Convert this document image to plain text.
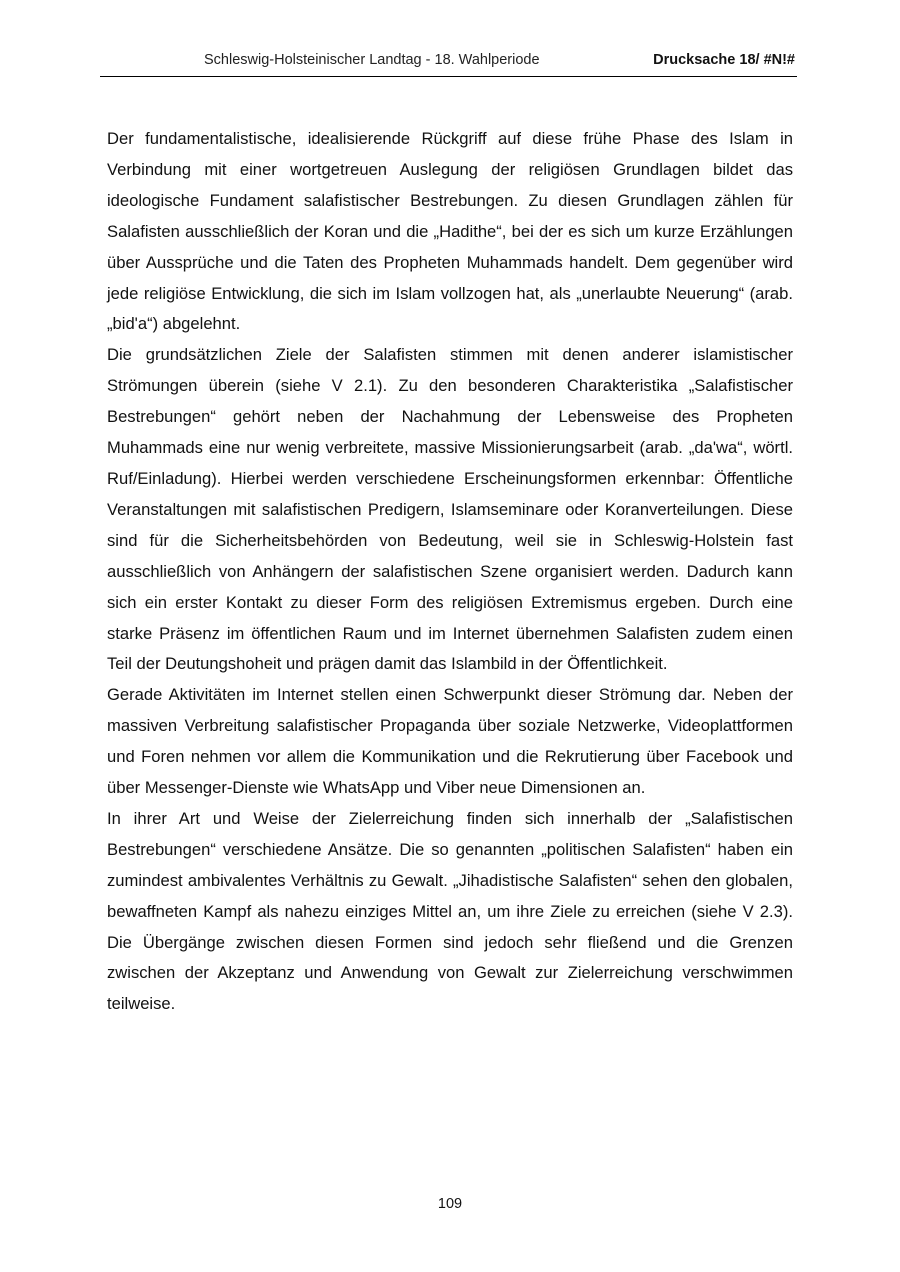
Schleswig-Holsteinischer Landtag - 18. Wahlperiode	Drucksache 18/ #N!#

Der fundamentalistische, idealisierende Rückgriff auf diese frühe Phase des Islam in Verbindung mit einer wortgetreuen Auslegung der religiösen Grundlagen bildet das ideologische Fundament salafistischer Bestrebungen. Zu diesen Grundlagen zählen für Salafisten ausschließlich der Koran und die „Hadithe“, bei der es sich um kurze Erzählungen über Aussprüche und die Taten des Propheten Muhammads handelt. Dem gegenüber wird jede religiöse Entwicklung, die sich im Islam vollzogen hat, als „unerlaubte Neuerung“ (arab. „bid'a“) abgelehnt.

Die grundsätzlichen Ziele der Salafisten stimmen mit denen anderer islamistischer Strömungen überein (siehe V 2.1). Zu den besonderen Charakteristika „Salafistischer Bestrebungen“ gehört neben der Nachahmung der Lebensweise des Propheten Muhammads eine nur wenig verbreitete, massive Missionierungsarbeit (arab. „da'wa“, wörtl. Ruf/Einladung). Hierbei werden verschiedene Erscheinungsformen erkennbar: Öffentliche Veranstaltungen mit salafistischen Predigern, Islamseminare oder Koranverteilungen. Diese sind für die Sicherheitsbehörden von Bedeutung, weil sie in Schleswig-Holstein fast ausschließlich von Anhängern der salafistischen Szene organisiert werden. Dadurch kann sich ein erster Kontakt zu dieser Form des religiösen Extremismus ergeben. Durch eine starke Präsenz im öffentlichen Raum und im Internet übernehmen Salafisten zudem einen Teil der Deutungshoheit und prägen damit das Islambild in der Öffentlichkeit.

Gerade Aktivitäten im Internet stellen einen Schwerpunkt dieser Strömung dar. Neben der massiven Verbreitung salafistischer Propaganda über soziale Netzwerke, Videoplattformen und Foren nehmen vor allem die Kommunikation und die Rekrutierung über Facebook und über Messenger-Dienste wie WhatsApp und Viber neue Dimensionen an.

In ihrer Art und Weise der Zielerreichung finden sich innerhalb der „Salafistischen Bestrebungen“ verschiedene Ansätze. Die so genannten „politischen Salafisten“ haben ein zumindest ambivalentes Verhältnis zu Gewalt. „Jihadistische Salafisten“ sehen den globalen, bewaffneten Kampf als nahezu einziges Mittel an, um ihre Ziele zu erreichen (siehe V 2.3). Die Übergänge zwischen diesen Formen sind jedoch sehr fließend und die Grenzen zwischen der Akzeptanz und Anwendung von Gewalt zur Zielerreichung verschwimmen teilweise.

109
